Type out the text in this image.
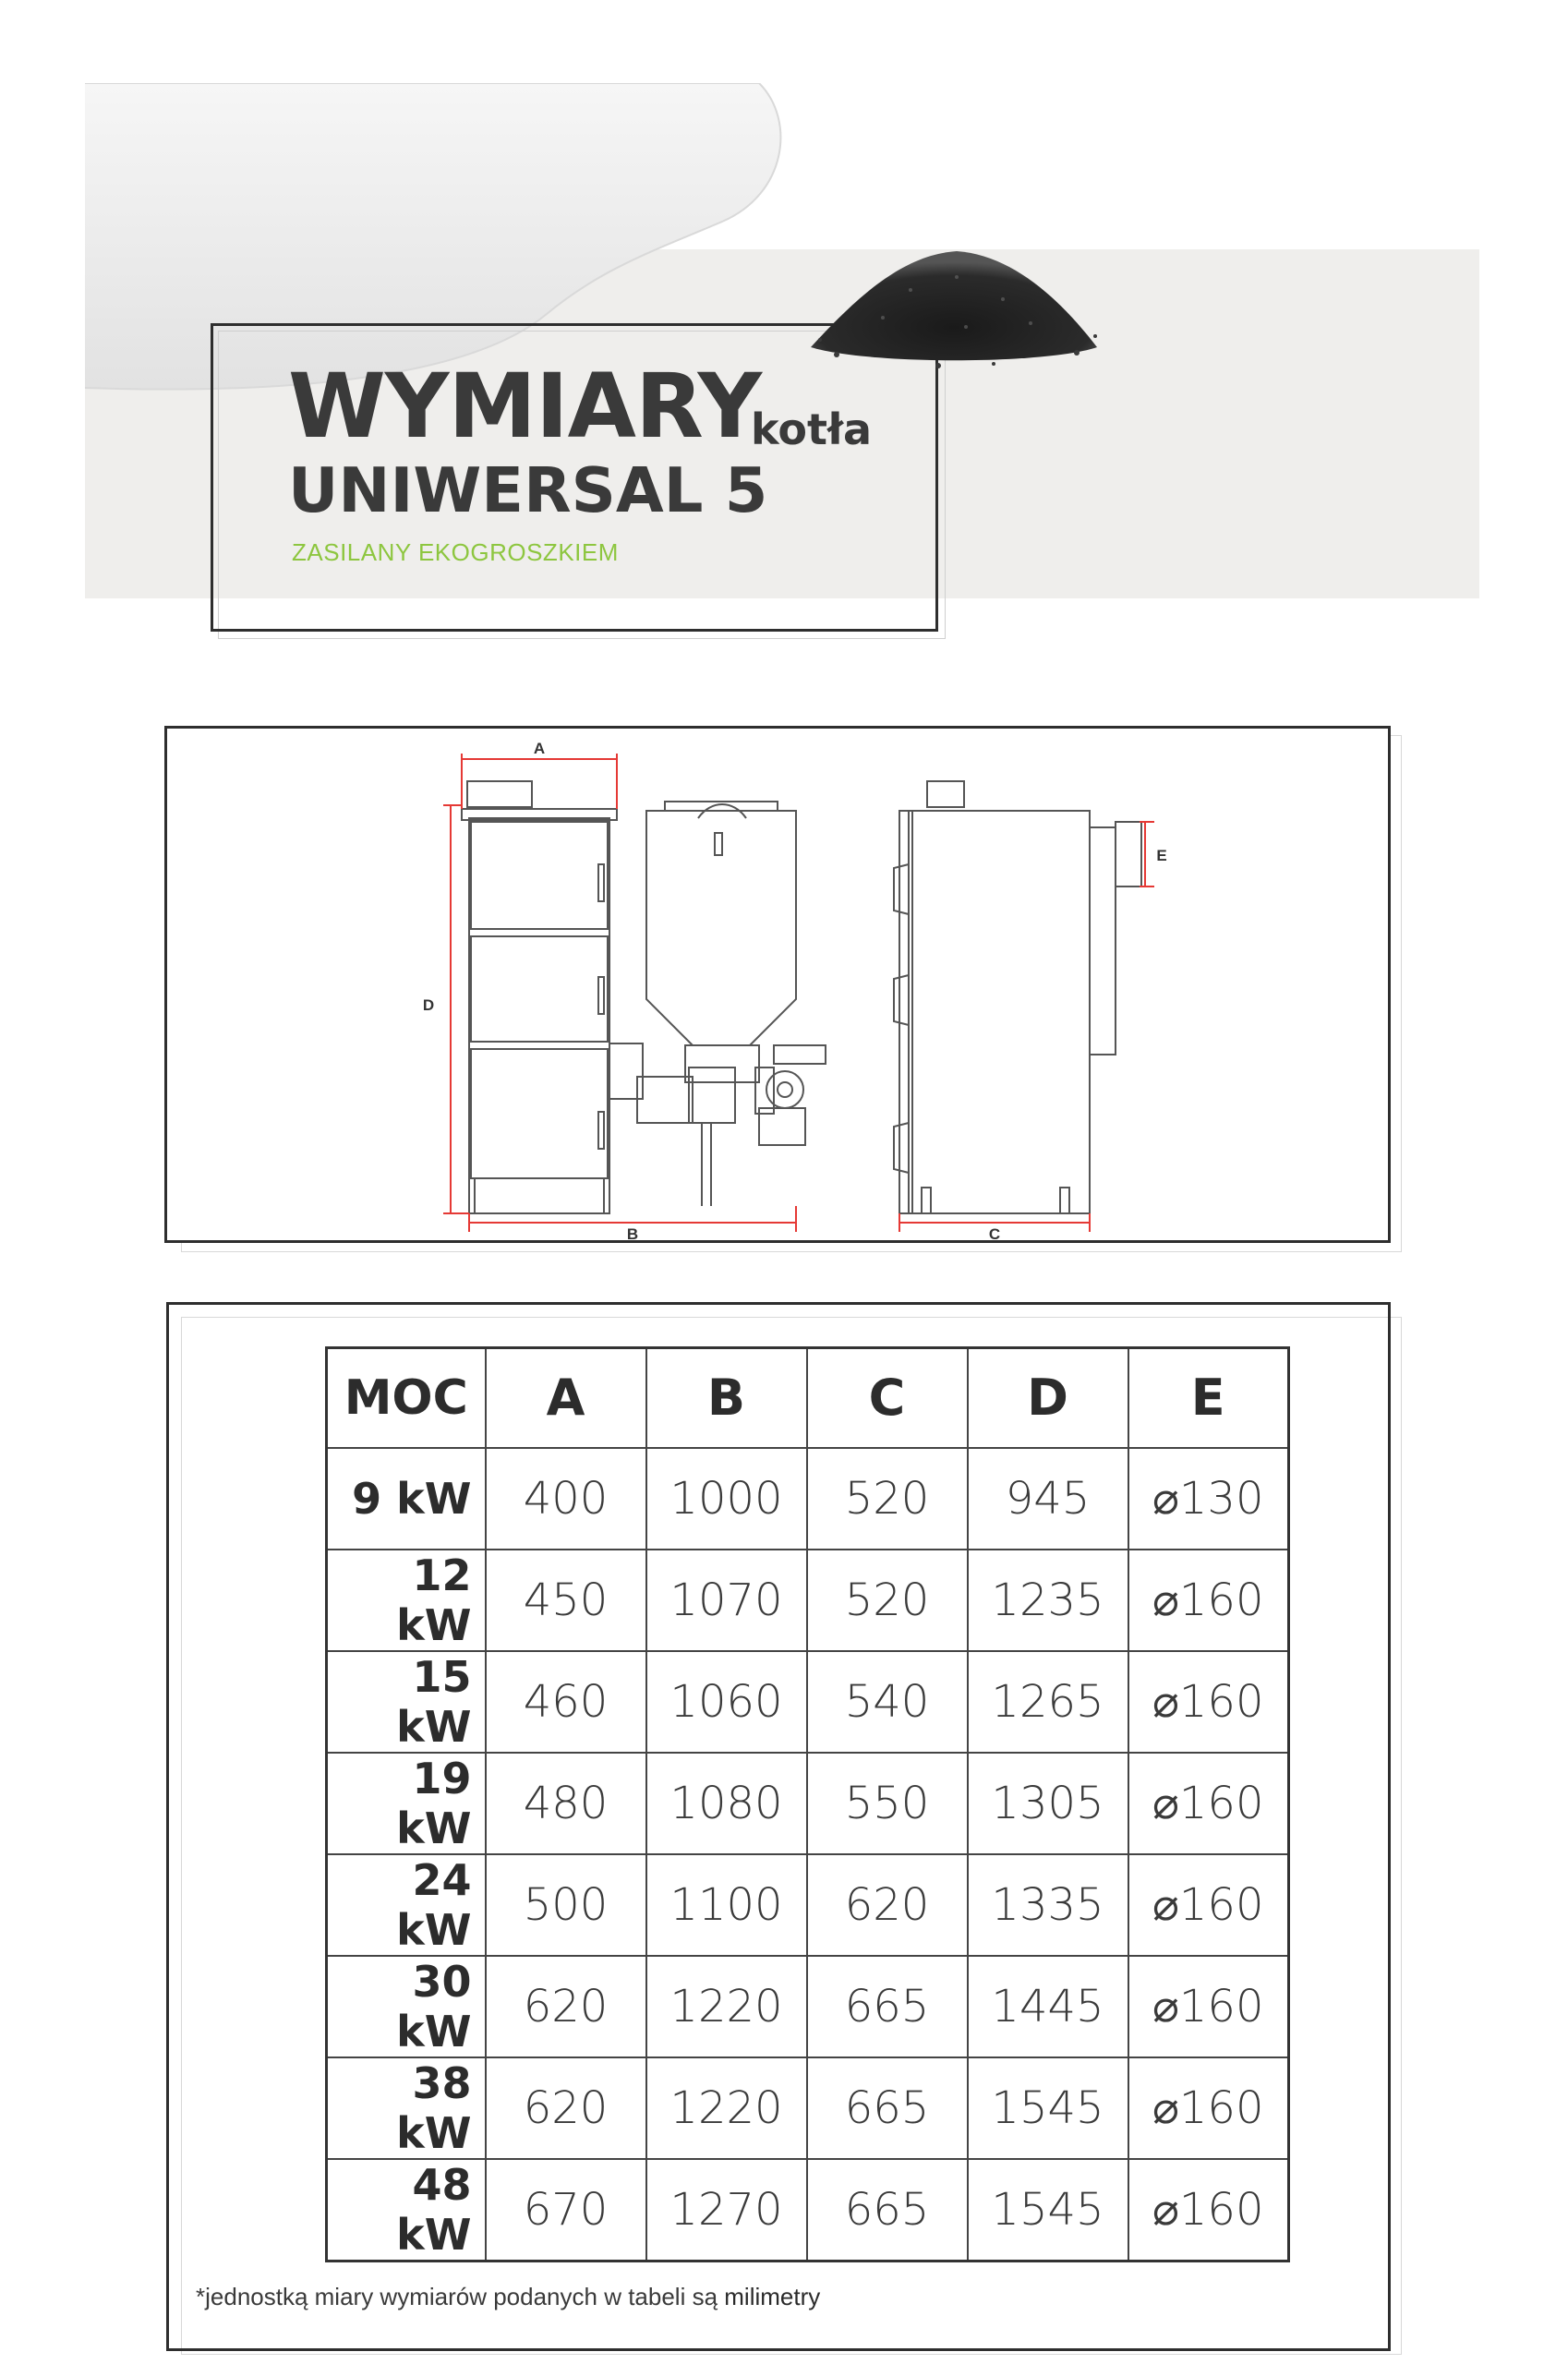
WYMIARY
kotła
UNIWERSAL 5
ZASILANY EKOGROSZKIEM
A
D
B	C
E
MOC	A	B	C	D	E
9 kW	400	1000	520	945	⌀130
12 kW	450	1070	520	1235	⌀160
15 kW	460	1060	540	1265	⌀160
19 kW	480	1080	550	1305	⌀160
24 kW	500	1100	620	1335	⌀160
30 kW	620	1220	665	1445	⌀160
38 kW	620	1220	665	1545	⌀160
48 kW	670	1270	665	1545	⌀160
*jednostką miary wymiarów podanych w tabeli są milimetry
